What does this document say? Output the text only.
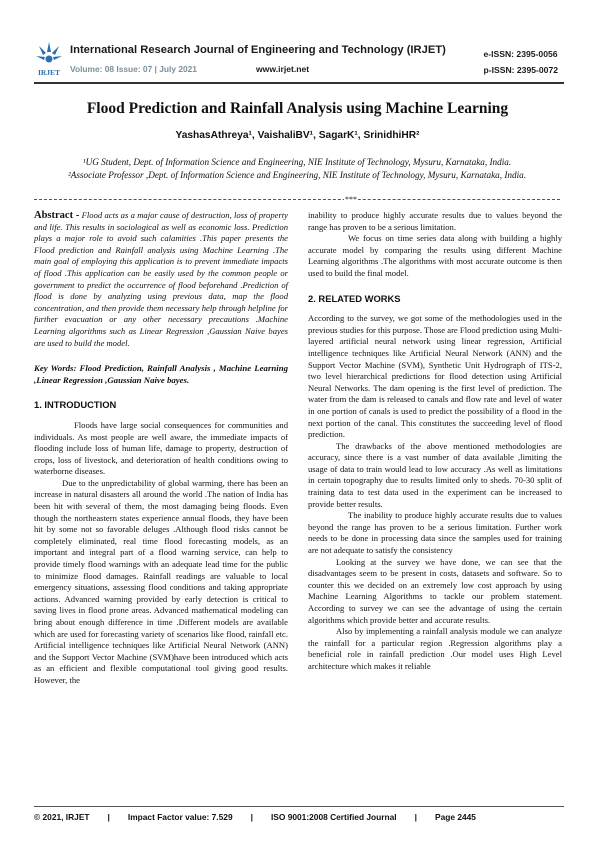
IRJET
International Research Journal of Engineering and Technology (IRJET)
Volume: 08 Issue: 07 | July 2021	www.irjet.net
e-ISSN: 2395-0056
p-ISSN: 2395-0072
Flood Prediction and Rainfall Analysis using Machine Learning
YashasAthreya¹, VaishaliBV¹, SagarK¹, SrinidhiHR²
¹UG Student, Dept. of Information Science and Engineering, NIE Institute of Technology, Mysuru, Karnataka, India.
²Associate Professor ,Dept. of Information Science and Engineering, NIE Institute of Technology, Mysuru, Karnataka, India.
***

Abstract - Flood acts as a major cause of destruction, loss of property and life. This results in sociological as well as economic loss. Prediction plays a major role to avoid such calamities .This paper presents the Flood prediction and Rainfall analysis using Machine Learning .The main goal of employing this application is to prevent immediate impacts of flood .This application can be easily used by the common people or government to predict the occurrence of flood beforehand .Prediction of flood is done by analyzing using previous data, map the flood concentration, and then provide them necessary help through helpline for further evacuation or any other necessary precautions .Machine Learning algorithms such as Linear Regression ,Gaussian Naive bayes are used to build the model.

Key Words: Flood Prediction, Rainfall Analysis , Machine Learning ,Linear Regression ,Gaussian Naive bayes.

1. INTRODUCTION

Floods have large social consequences for communities and individuals. As most people are well aware, the immediate impacts of flooding include loss of human life, damage to property, destruction of crops, loss of livestock, and deterioration of health conditions owing to waterborne diseases.

Due to the unpredictability of global warming, there has been an increase in natural disasters all around the world .The nation of India has been hit with several of them, the most damaging being floods. Even though the northeastern states experience annual floods, they have been hit by some not so favorable deluges .Although flood risks cannot be completely eliminated, real time flood forecasting models, as an important and integral part of a flood warning service, can help to provide timely flood warnings with an adequate lead time for the public to minimize flood damages. Rainfall readings are valuable to local emergency situations, assessing flood conditions and taking appropriate actions. Advanced warning provided by early detection is critical to saving lives in flood prone areas. Advanced mathematical modeling can bring about enough difference in time .Different models are available which are used for forecasting variety of scenarios like flood, rainfall etc. Artificial intelligence techniques like Artificial Neural Network (ANN) and the Support Vector Machine (SVM)have been introduced which acts as an efficient and flexible computational tool giving good results. However, the

inability to produce highly accurate results due to values beyond the range has proven to be a serious limitation.

We focus on time series data along with building a highly accurate model by comparing the results using different Machine Learning algorithms .The algorithms with most accurate outcome is then used to build the final model.

2. RELATED WORKS

According to the survey, we got some of the methodologies used in the previous studies for this purpose. Those are Flood prediction using Multi-layered artificial neural network using linear regression, Artificial intelligence techniques like Artificial Neural Network (ANN) and the Support Vector Machine (SVM), Synthetic Unit Hydrograph of ITS-2, two level hierarchical predictions for flood detection using Artificial Neural Networks. The dam opening is the first level of prediction. The water from the dam is released to canals and flow rate and level of water in one portion of canals is used to predict the possibility of a flood in the next portion of the canal. This constitutes the succeeding level of flood prediction.

The drawbacks of the above mentioned methodologies are accuracy, since there is a vast number of data available ,limiting the usage of data to train would lead to low accuracy .As well as limitations in certain topography due to results limited only to sheds. 70-30 split of training data to test data used in the experiment can be increased to provide better results.

The inability to produce highly accurate results due to values beyond the range has proven to be a serious limitation. Further work needs to be done in processing data since the samples used for training are not adequate to satisfy the consistency

Looking at the survey we have done, we can see that the disadvantages seem to be present in costs, datasets and software. So to counter this we decided on an extremely low cost approach by using Machine Learning Algorithms to tackle our problem statement. According to survey we can see the advantage of using the certain algorithms which provide better and accurate results.

Also by implementing a rainfall analysis module we can analyze the rainfall for a particular region .Regression algorithms play a beneficial role in rainfall prediction .Our model uses High Level architecture which makes it reliable

© 2021, IRJET	|	Impact Factor value: 7.529	|	ISO 9001:2008 Certified Journal	|	Page 2445
